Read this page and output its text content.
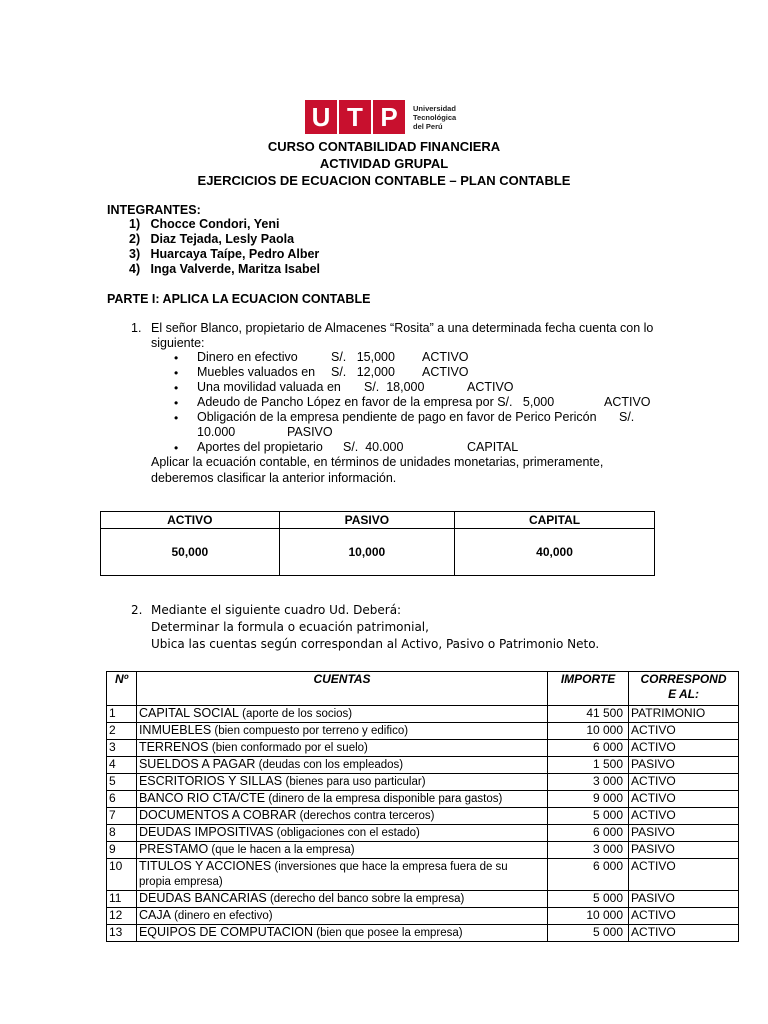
U T P	Universidad
Tecnológica
del Perú
CURSO CONTABILIDAD FINANCIERA
ACTIVIDAD GRUPAL
EJERCICIOS DE ECUACION CONTABLE – PLAN CONTABLE
INTEGRANTES:
1) Chocce Condori, Yeni
2) Diaz Tejada, Lesly Paola
3) Huarcaya Taípe, Pedro Alber
4) Inga Valverde, Maritza Isabel
PARTE I: APLICA LA ECUACION CONTABLE
1. El señor Blanco, propietario de Almacenes “Rosita” a una determinada fecha cuenta con lo
siguiente:
• Dinero en efectivo	S/.   15,000 ACTIVO
• Muebles valuados en S/.   12,000 ACTIVO
• Una movilidad valuada en S/.  18,000	ACTIVO
• Adeudo de Pancho López en favor de la empresa por S/.   5,000	ACTIVO
• Obligación de la empresa pendiente de pago en favor de Perico Pericón S/.
10.000	PASIVO
• Aportes del propietario S/.  40.000	CAPITAL
Aplicar la ecuación contable, en términos de unidades monetarias, primeramente,
deberemos clasificar la anterior información.
ACTIVO	PASIVO	CAPITAL
50,000	10,000	40,000
2. Mediante el siguiente cuadro Ud. Deberá:
Determinar la formula o ecuación patrimonial,
Ubica las cuentas según correspondan al Activo, Pasivo o Patrimonio Neto.
Nº	CUENTAS	IMPORTE	CORRESPOND
E AL:

1	CAPITAL SOCIAL (aporte de los socios)	41 500	PATRIMONIO
2	INMUEBLES (bien compuesto por terreno y edifico)	10 000	ACTIVO
3	TERRENOS (bien conformado por el suelo)	6 000	ACTIVO
4	SUELDOS A PAGAR (deudas con los empleados)	1 500	PASIVO
5	ESCRITORIOS Y SILLAS (bienes para uso particular)	3 000	ACTIVO
6	BANCO RIO CTA/CTE (dinero de la empresa disponible para gastos)	9 000	ACTIVO
7	DOCUMENTOS A COBRAR (derechos contra terceros)	5 000	ACTIVO
8	DEUDAS IMPOSITIVAS (obligaciones con el estado)	6 000	PASIVO
9	PRESTAMO (que le hacen a la empresa)	3 000	PASIVO
10	TITULOS Y ACCIONES (inversiones que hace la empresa fuera de su
propia empresa)	6 000	ACTIVO
11	DEUDAS BANCARIAS (derecho del banco sobre la empresa)	5 000	PASIVO
12	CAJA (dinero en efectivo)	10 000	ACTIVO
13	EQUIPOS DE COMPUTACION (bien que posee la empresa)	5 000	ACTIVO
